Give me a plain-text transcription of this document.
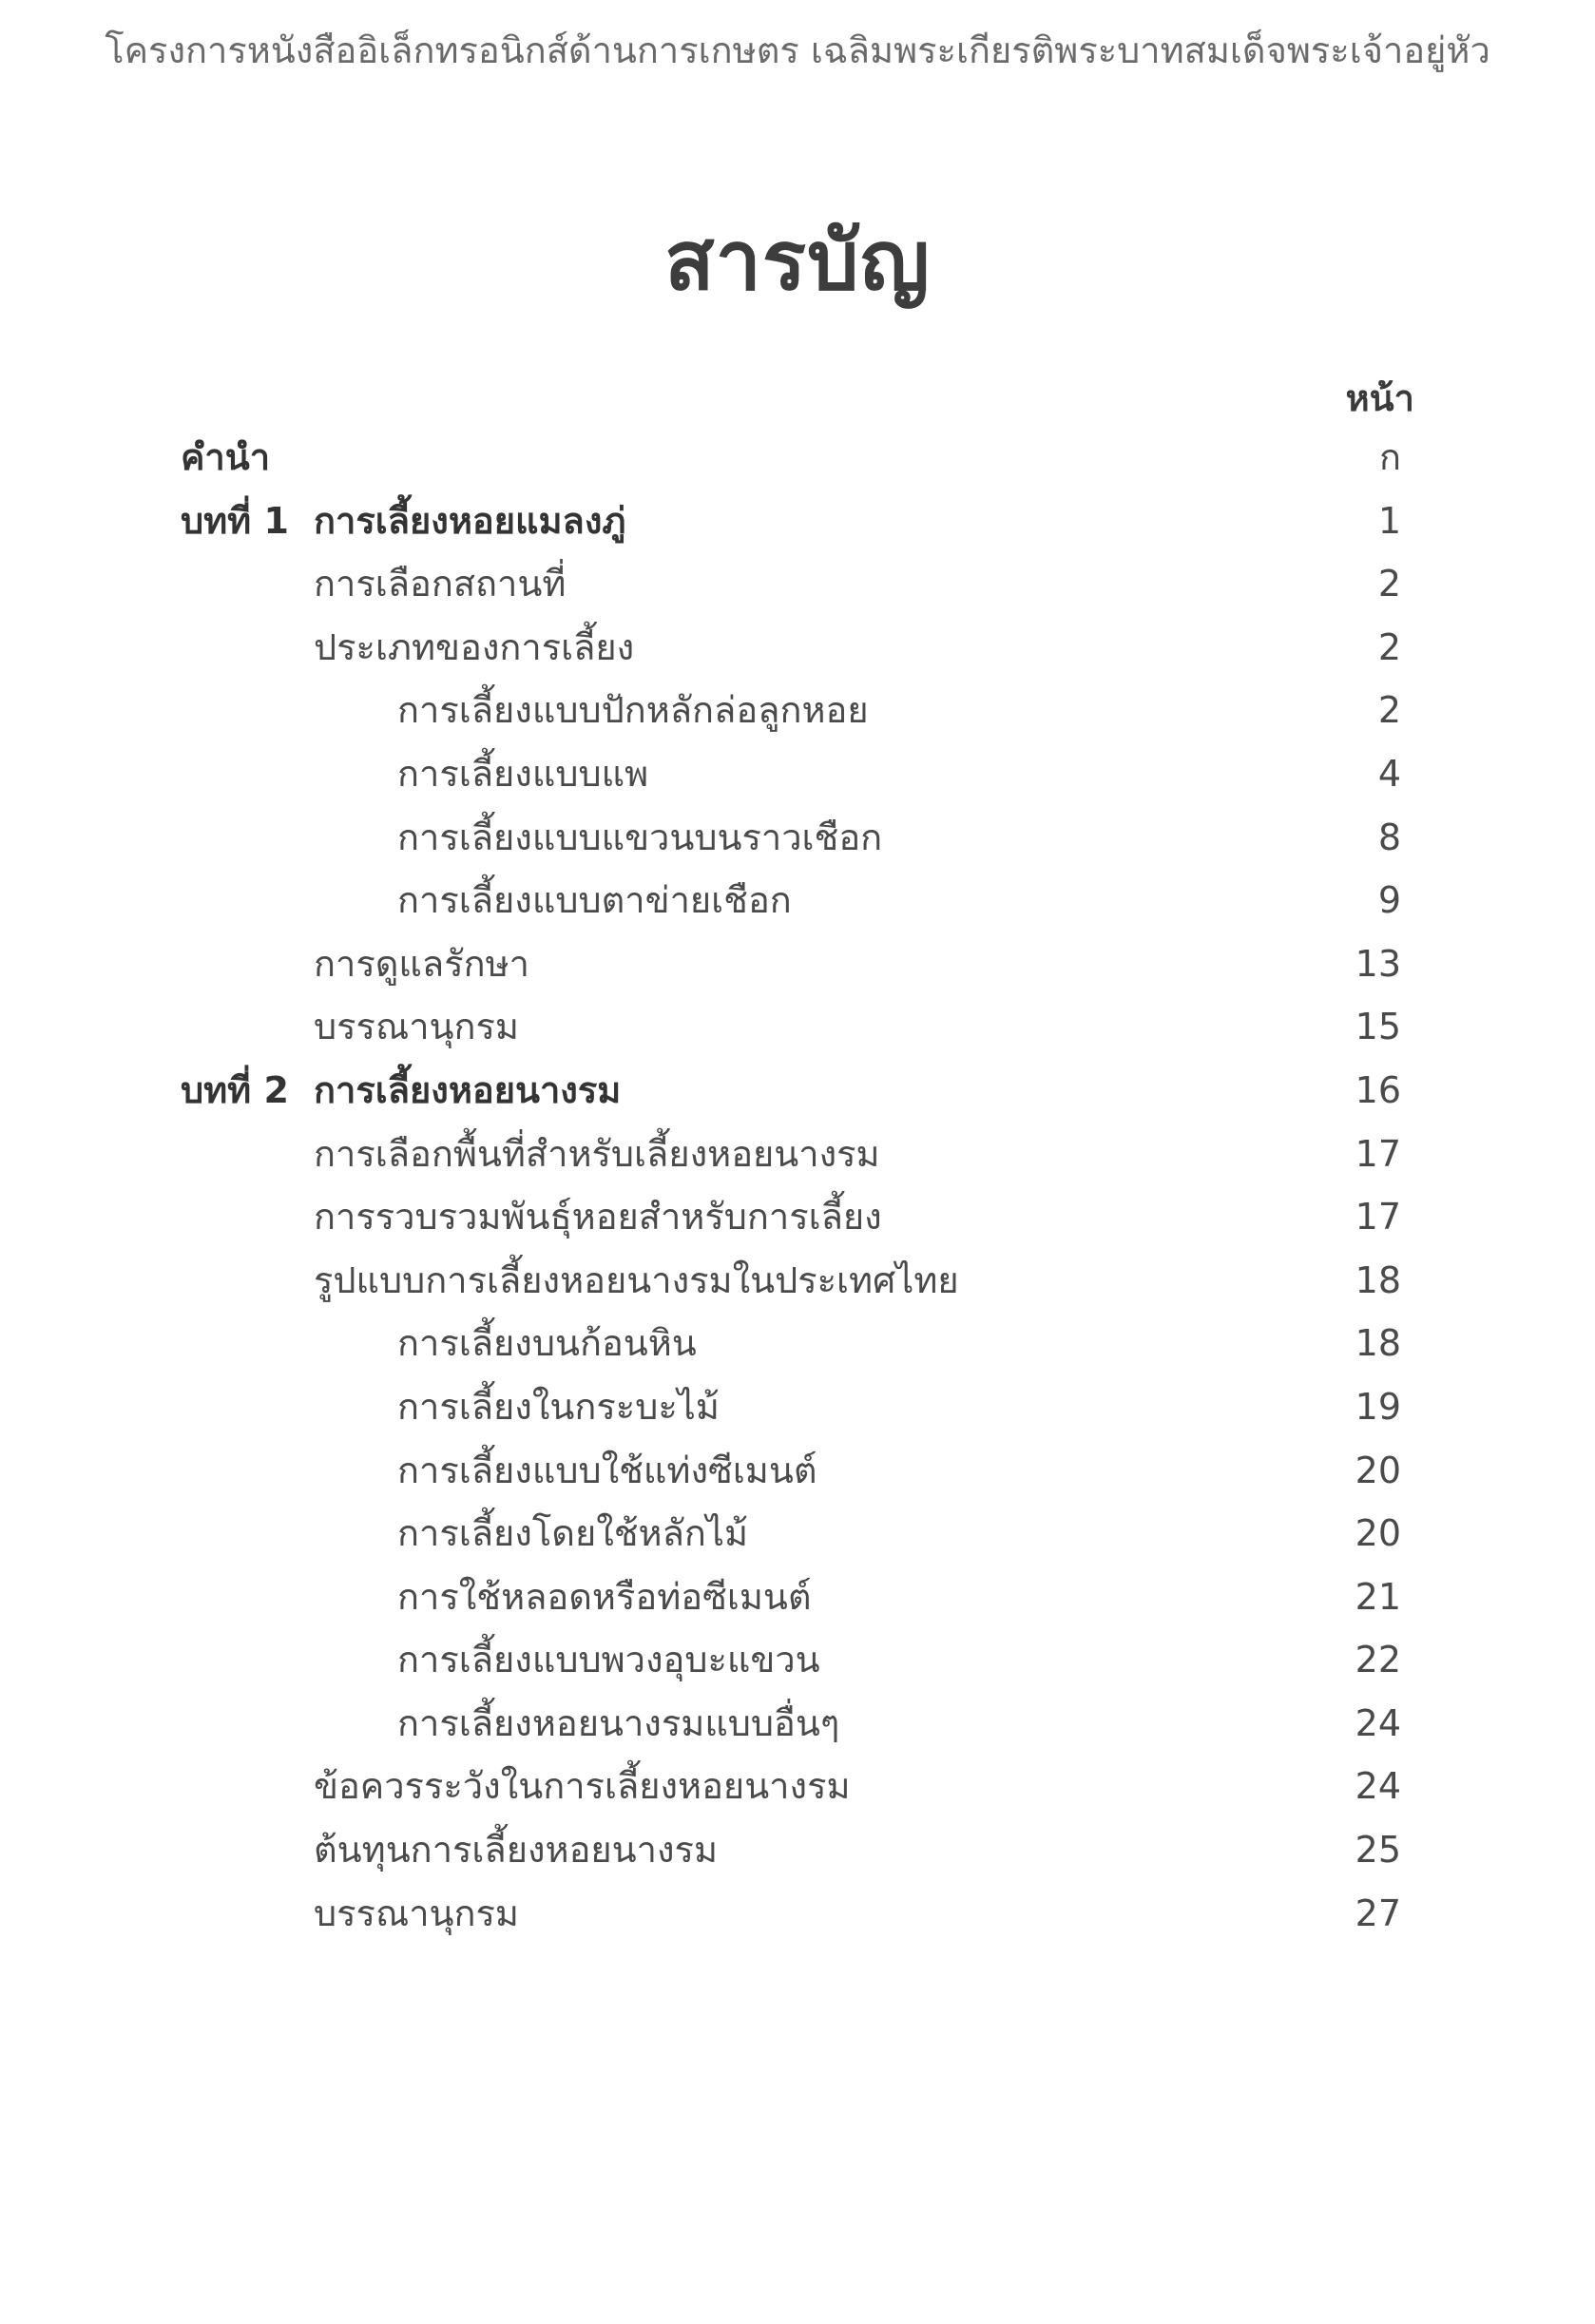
โครงการหนังสืออิเล็กทรอนิกส์ด้านการเกษตร เฉลิมพระเกียรติพระบาทสมเด็จพระเจ้าอยู่หัว
สารบัญ
หน้า
คำนำ	ก
บทที่ 1 การเลี้ยงหอยแมลงภู่	1
การเลือกสถานที่	2
ประเภทของการเลี้ยง	2
การเลี้ยงแบบปักหลักล่อลูกหอย	2
การเลี้ยงแบบแพ	4
การเลี้ยงแบบแขวนบนราวเชือก	8
การเลี้ยงแบบตาข่ายเชือก	9
การดูแลรักษา	13
บรรณานุกรม	15
บทที่ 2 การเลี้ยงหอยนางรม	16
การเลือกพื้นที่สำหรับเลี้ยงหอยนางรม	17
การรวบรวมพันธุ์หอยสำหรับการเลี้ยง	17
รูปแบบการเลี้ยงหอยนางรมในประเทศไทย	18
การเลี้ยงบนก้อนหิน	18
การเลี้ยงในกระบะไม้	19
การเลี้ยงแบบใช้แท่งซีเมนต์	20
การเลี้ยงโดยใช้หลักไม้	20
การใช้หลอดหรือท่อซีเมนต์	21
การเลี้ยงแบบพวงอุบะแขวน	22
การเลี้ยงหอยนางรมแบบอื่นๆ	24
ข้อควรระวังในการเลี้ยงหอยนางรม	24
ต้นทุนการเลี้ยงหอยนางรม	25
บรรณานุกรม	27
